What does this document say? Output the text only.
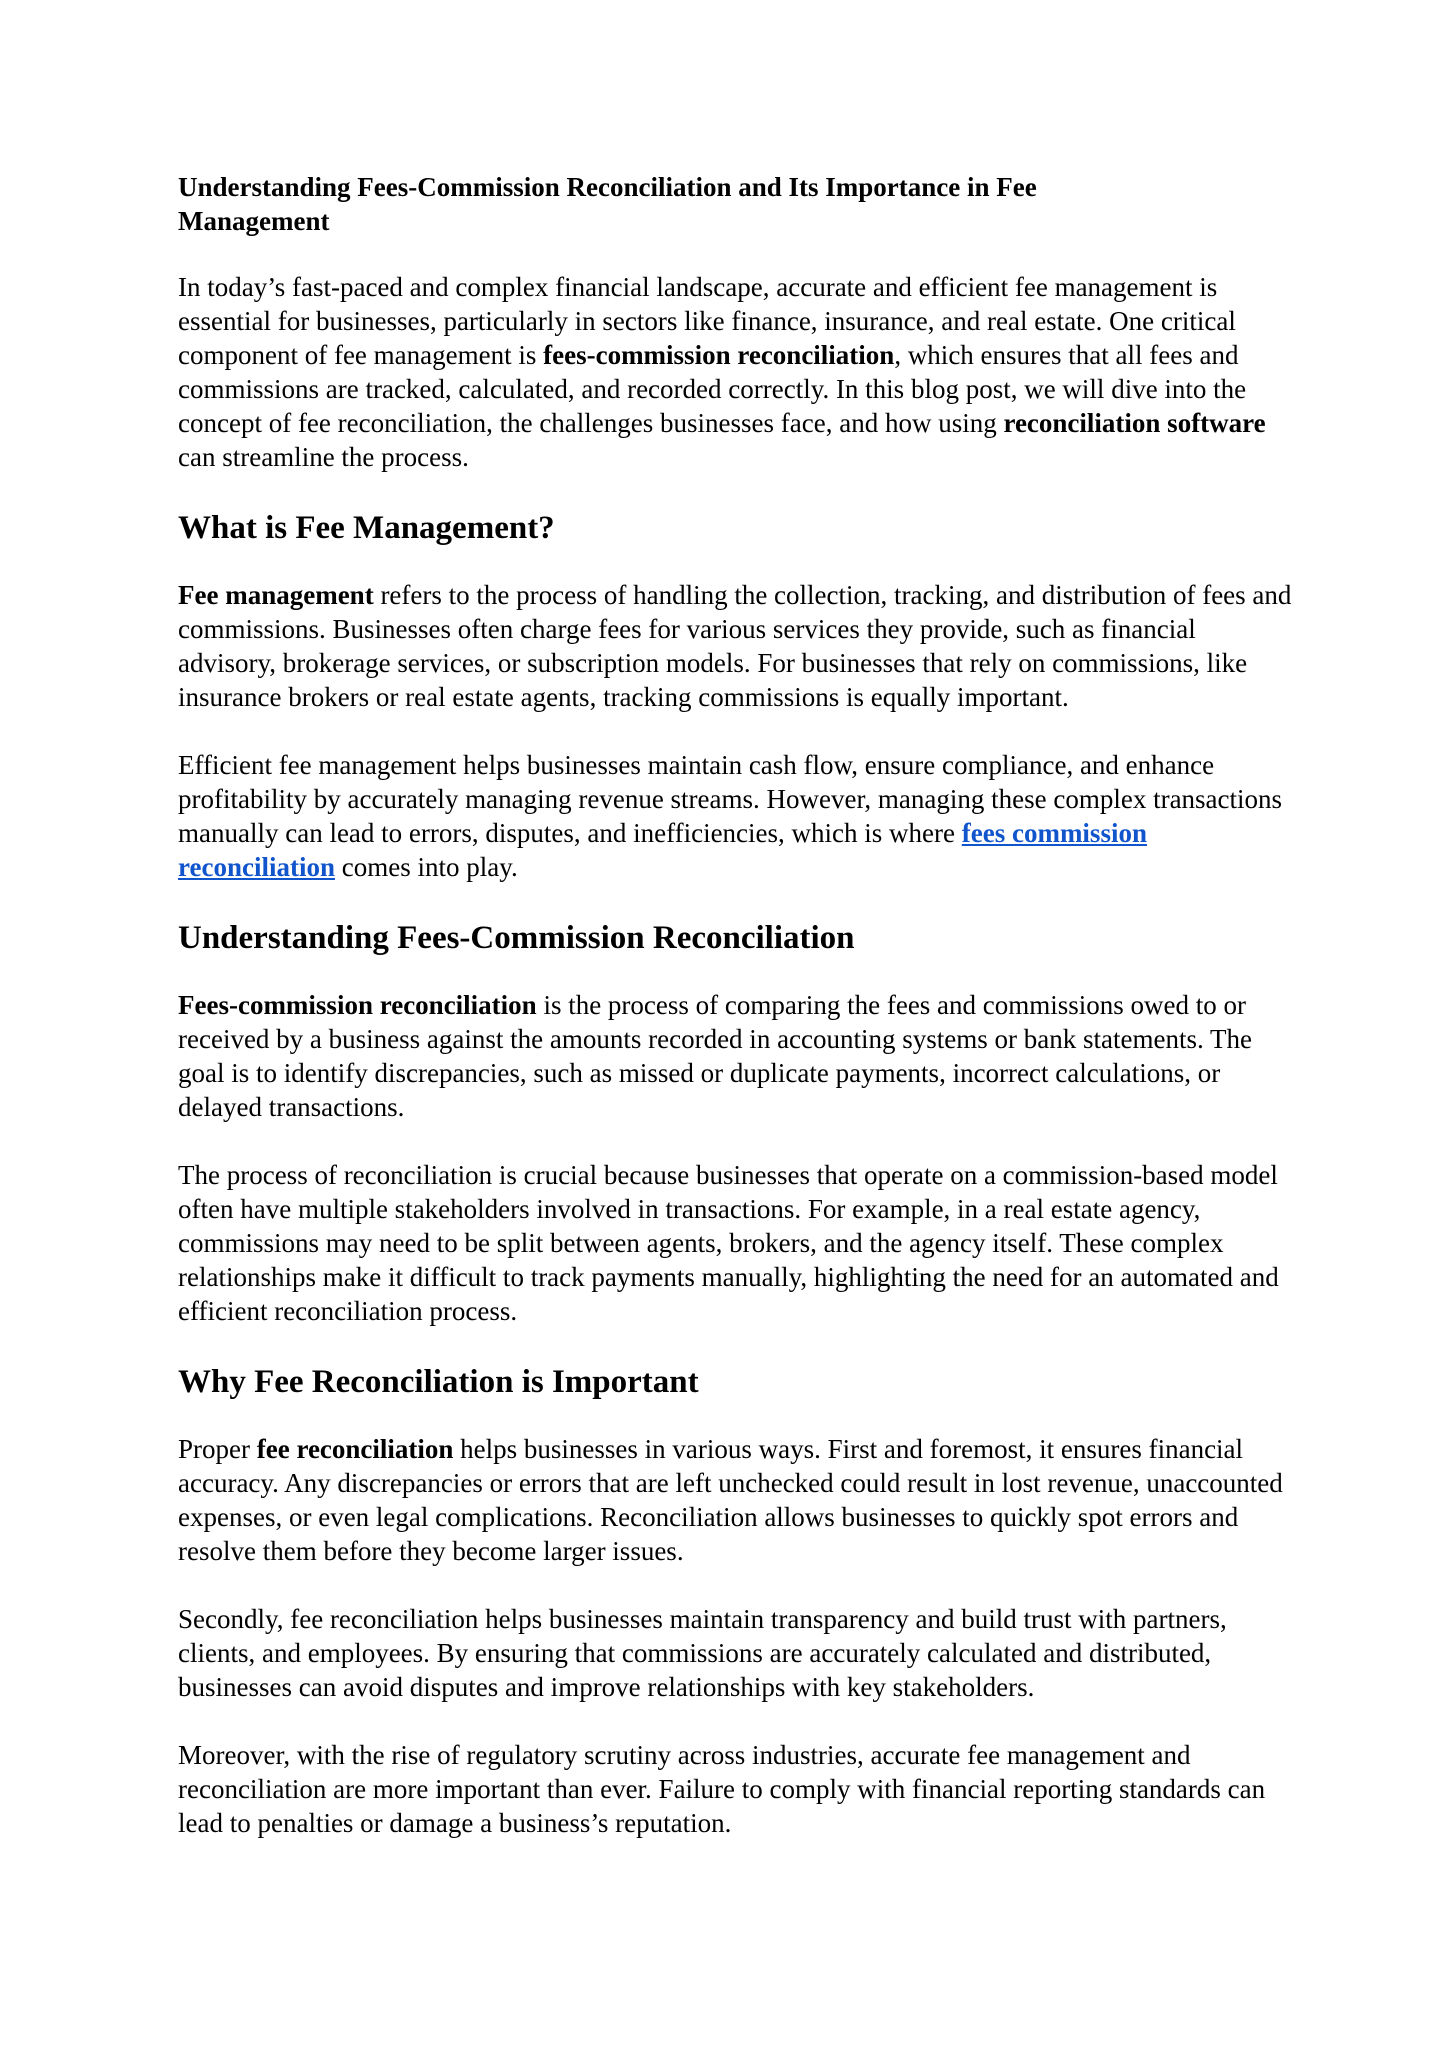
Understanding Fees-Commission Reconciliation and Its Importance in Fee Management

In today’s fast-paced and complex financial landscape, accurate and efficient fee management is essential for businesses, particularly in sectors like finance, insurance, and real estate. One critical component of fee management is fees-commission reconciliation, which ensures that all fees and commissions are tracked, calculated, and recorded correctly. In this blog post, we will dive into the concept of fee reconciliation, the challenges businesses face, and how using reconciliation software can streamline the process.

What is Fee Management?

Fee management refers to the process of handling the collection, tracking, and distribution of fees and commissions. Businesses often charge fees for various services they provide, such as financial advisory, brokerage services, or subscription models. For businesses that rely on commissions, like insurance brokers or real estate agents, tracking commissions is equally important.

Efficient fee management helps businesses maintain cash flow, ensure compliance, and enhance profitability by accurately managing revenue streams. However, managing these complex transactions manually can lead to errors, disputes, and inefficiencies, which is where fees commission reconciliation comes into play.

Understanding Fees-Commission Reconciliation

Fees-commission reconciliation is the process of comparing the fees and commissions owed to or received by a business against the amounts recorded in accounting systems or bank statements. The goal is to identify discrepancies, such as missed or duplicate payments, incorrect calculations, or delayed transactions.

The process of reconciliation is crucial because businesses that operate on a commission-based model often have multiple stakeholders involved in transactions. For example, in a real estate agency, commissions may need to be split between agents, brokers, and the agency itself. These complex relationships make it difficult to track payments manually, highlighting the need for an automated and efficient reconciliation process.

Why Fee Reconciliation is Important

Proper fee reconciliation helps businesses in various ways. First and foremost, it ensures financial accuracy. Any discrepancies or errors that are left unchecked could result in lost revenue, unaccounted expenses, or even legal complications. Reconciliation allows businesses to quickly spot errors and resolve them before they become larger issues.

Secondly, fee reconciliation helps businesses maintain transparency and build trust with partners, clients, and employees. By ensuring that commissions are accurately calculated and distributed, businesses can avoid disputes and improve relationships with key stakeholders.

Moreover, with the rise of regulatory scrutiny across industries, accurate fee management and reconciliation are more important than ever. Failure to comply with financial reporting standards can lead to penalties or damage a business’s reputation.
